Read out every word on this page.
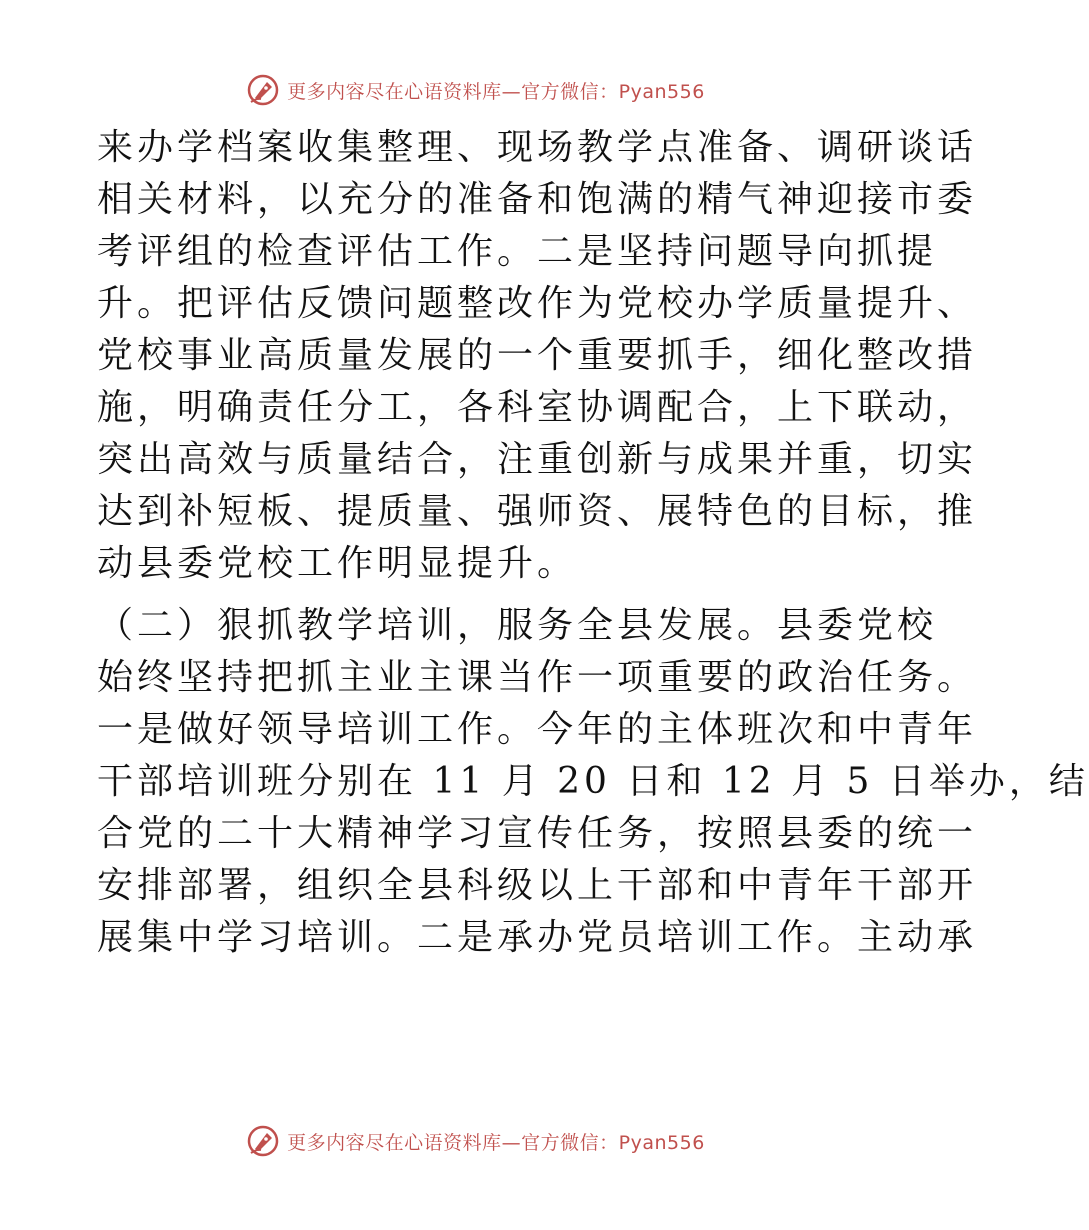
更多内容尽在心语资料库—官方微信：Pyan556
来办学档案收集整理、现场教学点准备、调研谈话
相关材料，以充分的准备和饱满的精气神迎接市委
考评组的检查评估工作。二是坚持问题导向抓提
升。把评估反馈问题整改作为党校办学质量提升、
党校事业高质量发展的一个重要抓手，细化整改措
施，明确责任分工，各科室协调配合，上下联动，
突出高效与质量结合，注重创新与成果并重，切实
达到补短板、提质量、强师资、展特色的目标，推
动县委党校工作明显提升。
（二）狠抓教学培训，服务全县发展。县委党校
始终坚持把抓主业主课当作一项重要的政治任务。
一是做好领导培训工作。今年的主体班次和中青年
干部培训班分别在 11 月 20 日和 12 月 5 日举办，结
合党的二十大精神学习宣传任务，按照县委的统一
安排部署，组织全县科级以上干部和中青年干部开
展集中学习培训。二是承办党员培训工作。主动承
更多内容尽在心语资料库—官方微信：Pyan556
